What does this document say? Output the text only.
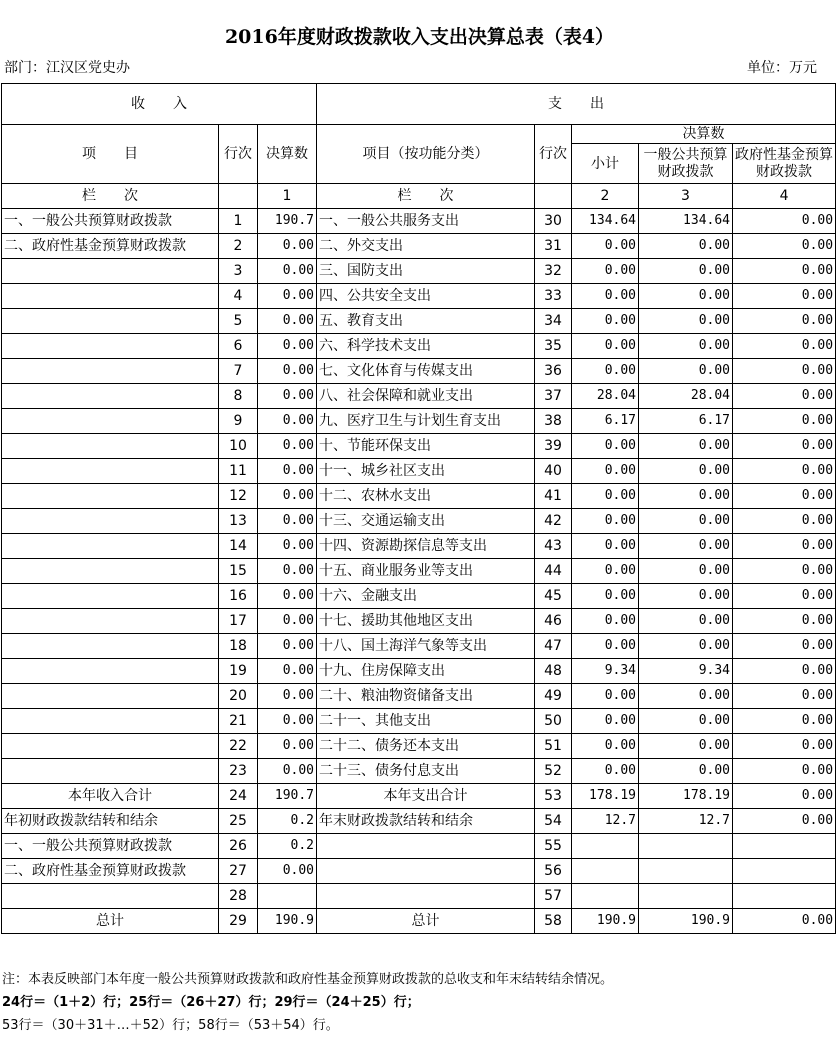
2016年度财政拨款收入支出决算总表（表4）
部门：江汉区党史办	单位：万元
收　　入			支　　出				
项　　目	行次	决算数	项目（按功能分类）	行次	决算数		
					小计	一般公共预算财政拨款	政府性基金预算财政拨款
栏　　次		1	栏　　次		2	3	4
一、一般公共预算财政拨款	1	190.7	一、一般公共服务支出	30	134.64	134.64	0.00
二、政府性基金预算财政拨款	2	0.00	二、外交支出	31	0.00	0.00	0.00
	3	0.00	三、国防支出	32	0.00	0.00	0.00
	4	0.00	四、公共安全支出	33	0.00	0.00	0.00
	5	0.00	五、教育支出	34	0.00	0.00	0.00
	6	0.00	六、科学技术支出	35	0.00	0.00	0.00
	7	0.00	七、文化体育与传媒支出	36	0.00	0.00	0.00
	8	0.00	八、社会保障和就业支出	37	28.04	28.04	0.00
	9	0.00	九、医疗卫生与计划生育支出	38	6.17	6.17	0.00
	10	0.00	十、节能环保支出	39	0.00	0.00	0.00
	11	0.00	十一、城乡社区支出	40	0.00	0.00	0.00
	12	0.00	十二、农林水支出	41	0.00	0.00	0.00
	13	0.00	十三、交通运输支出	42	0.00	0.00	0.00
	14	0.00	十四、资源勘探信息等支出	43	0.00	0.00	0.00
	15	0.00	十五、商业服务业等支出	44	0.00	0.00	0.00
	16	0.00	十六、金融支出	45	0.00	0.00	0.00
	17	0.00	十七、援助其他地区支出	46	0.00	0.00	0.00
	18	0.00	十八、国土海洋气象等支出	47	0.00	0.00	0.00
	19	0.00	十九、住房保障支出	48	9.34	9.34	0.00
	20	0.00	二十、粮油物资储备支出	49	0.00	0.00	0.00
	21	0.00	二十一、其他支出	50	0.00	0.00	0.00
	22	0.00	二十二、债务还本支出	51	0.00	0.00	0.00
	23	0.00	二十三、债务付息支出	52	0.00	0.00	0.00
本年收入合计	24	190.7	本年支出合计	53	178.19	178.19	0.00
年初财政拨款结转和结余	25	0.2	年末财政拨款结转和结余	54	12.7	12.7	0.00
一、一般公共预算财政拨款	26	0.2		55			
二、政府性基金预算财政拨款	27	0.00		56			
	28			57			
总计	29	190.9	总计	58	190.9	190.9	0.00
注：本表反映部门本年度一般公共预算财政拨款和政府性基金预算财政拨款的总收支和年末结转结余情况。
24行＝（1＋2）行；25行＝（26＋27）行；29行＝（24＋25）行；
53行＝（30＋31＋…＋52）行；58行＝（53＋54）行。
